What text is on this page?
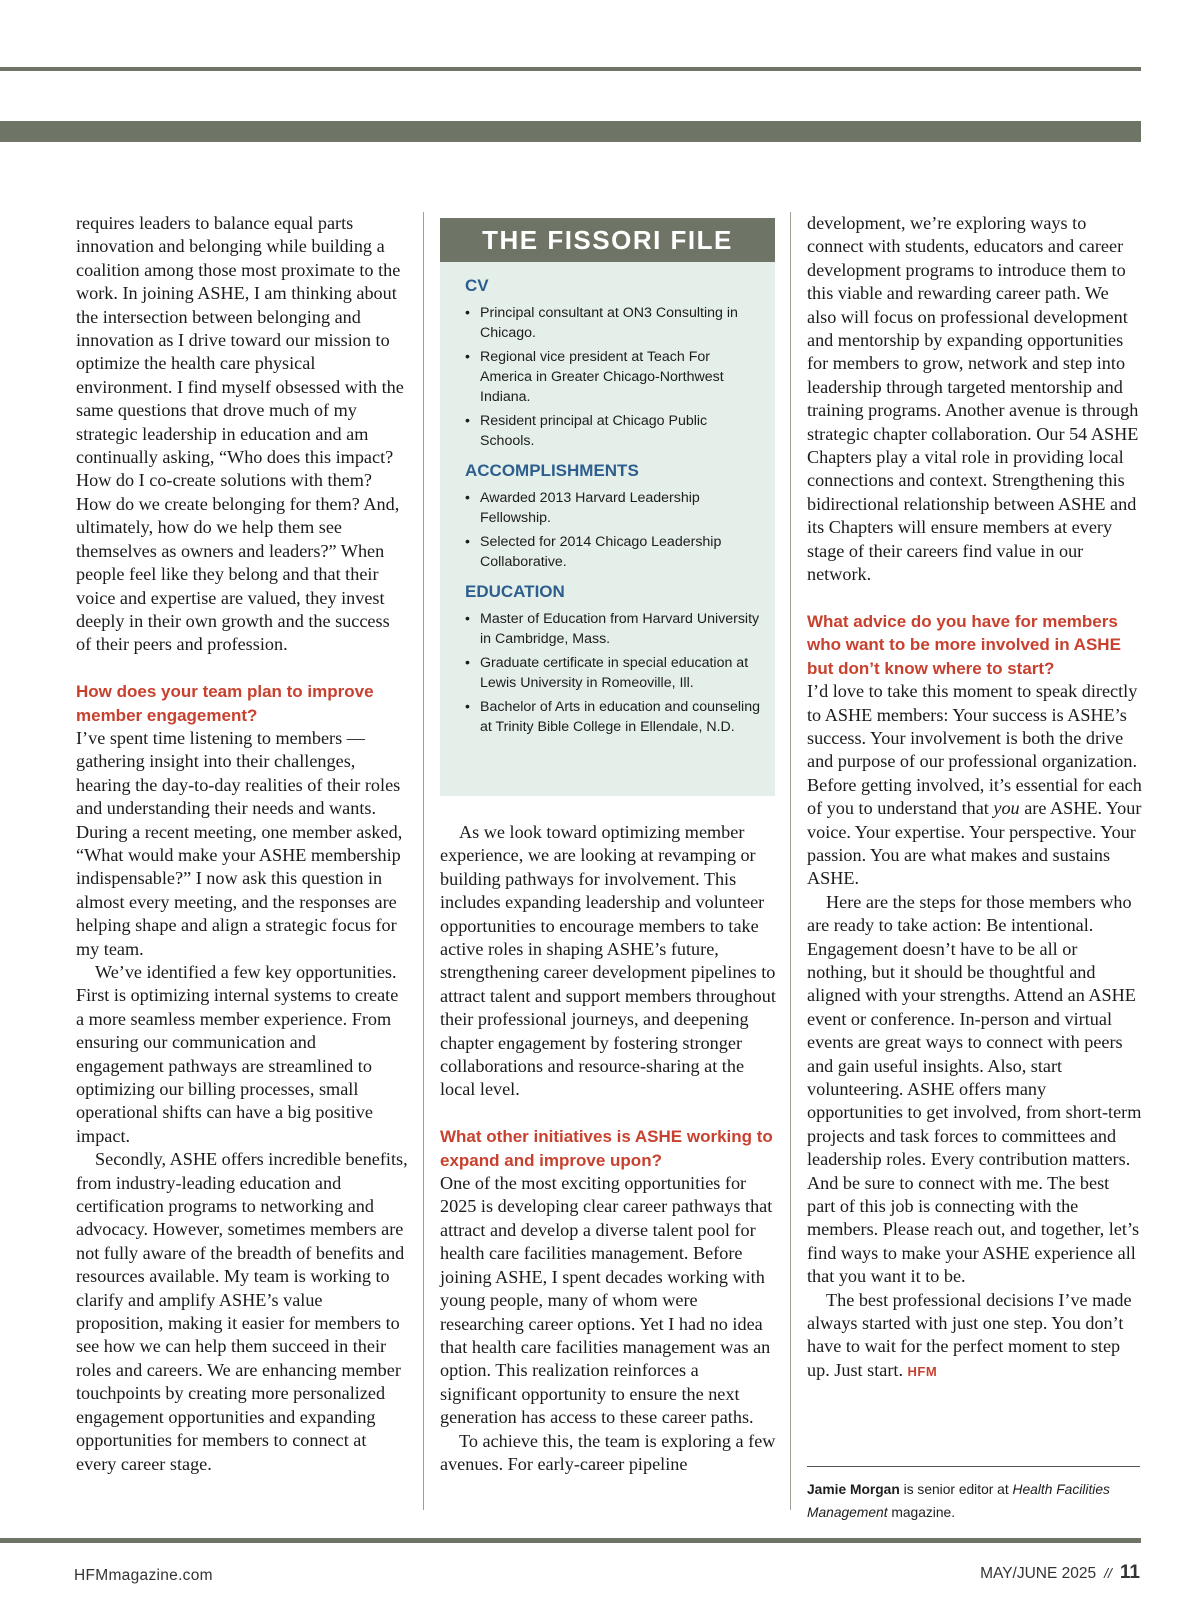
requires leaders to balance equal parts innovation and belonging while building a coalition among those most proximate to the work. In joining ASHE, I am thinking about the intersection between belonging and innovation as I drive toward our mission to optimize the health care physical environment. I find myself obsessed with the same questions that drove much of my strategic leadership in education and am continually asking, “Who does this impact? How do I co-create solutions with them? How do we create belonging for them? And, ultimately, how do we help them see themselves as owners and leaders?” When people feel like they belong and that their voice and expertise are valued, they invest deeply in their own growth and the success of their peers and profession.

How does your team plan to improve member engagement?

I’ve spent time listening to members — gathering insight into their challenges, hearing the day-to-day realities of their roles and understanding their needs and wants. During a recent meeting, one member asked, “What would make your ASHE membership indispensable?” I now ask this question in almost every meeting, and the responses are helping shape and align a strategic focus for my team.

We’ve identified a few key opportunities. First is optimizing internal systems to create a more seamless member experience. From ensuring our communication and engagement pathways are streamlined to optimizing our billing processes, small operational shifts can have a big positive impact.

Secondly, ASHE offers incredible benefits, from industry-leading education and certification programs to networking and advocacy. However, sometimes members are not fully aware of the breadth of benefits and resources available. My team is working to clarify and amplify ASHE’s value proposition, making it easier for members to see how we can help them succeed in their roles and careers. We are enhancing member touchpoints by creating more personalized engagement opportunities and expanding opportunities for members to connect at every career stage.

THE FISSORI FILE
CV
• Principal consultant at ON3 Consulting in Chicago.
• Regional vice president at Teach For America in Greater Chicago-Northwest Indiana.
• Resident principal at Chicago Public Schools.
ACCOMPLISHMENTS
• Awarded 2013 Harvard Leadership Fellowship.
• Selected for 2014 Chicago Leadership Collaborative.
EDUCATION
• Master of Education from Harvard University in Cambridge, Mass.
• Graduate certificate in special education at Lewis University in Romeoville, Ill.
• Bachelor of Arts in education and counseling at Trinity Bible College in Ellendale, N.D.

As we look toward optimizing member experience, we are looking at revamping or building pathways for involvement. This includes expanding leadership and volunteer opportunities to encourage members to take active roles in shaping ASHE’s future, strengthening career development pipelines to attract talent and support members throughout their professional journeys, and deepening chapter engagement by fostering stronger collaborations and resource-sharing at the local level.

What other initiatives is ASHE working to expand and improve upon?

One of the most exciting opportunities for 2025 is developing clear career pathways that attract and develop a diverse talent pool for health care facilities management. Before joining ASHE, I spent decades working with young people, many of whom were researching career options. Yet I had no idea that health care facilities management was an option. This realization reinforces a significant opportunity to ensure the next generation has access to these career paths.

To achieve this, the team is exploring a few avenues. For early-career pipeline

development, we’re exploring ways to connect with students, educators and career development programs to introduce them to this viable and rewarding career path. We also will focus on professional development and mentorship by expanding opportunities for members to grow, network and step into leadership through targeted mentorship and training programs. Another avenue is through strategic chapter collaboration. Our 54 ASHE Chapters play a vital role in providing local connections and context. Strengthening this bidirectional relationship between ASHE and its Chapters will ensure members at every stage of their careers find value in our network.

What advice do you have for members who want to be more involved in ASHE but don’t know where to start?

I’d love to take this moment to speak directly to ASHE members: Your success is ASHE’s success. Your involvement is both the drive and purpose of our professional organization. Before getting involved, it’s essential for each of you to understand that you are ASHE. Your voice. Your expertise. Your perspective. Your passion. You are what makes and sustains ASHE.

Here are the steps for those members who are ready to take action: Be intentional. Engagement doesn’t have to be all or nothing, but it should be thoughtful and aligned with your strengths. Attend an ASHE event or conference. In-person and virtual events are great ways to connect with peers and gain useful insights. Also, start volunteering. ASHE offers many opportunities to get involved, from short-term projects and task forces to committees and leadership roles. Every contribution matters. And be sure to connect with me. The best part of this job is connecting with the members. Please reach out, and together, let’s find ways to make your ASHE experience all that you want it to be.

The best professional decisions I’ve made always started with just one step. You don’t have to wait for the perfect moment to step up. Just start. HFM

Jamie Morgan is senior editor at Health Facilities Management magazine.
HFMmagazine.com	MAY/JUNE 2025 // 11
